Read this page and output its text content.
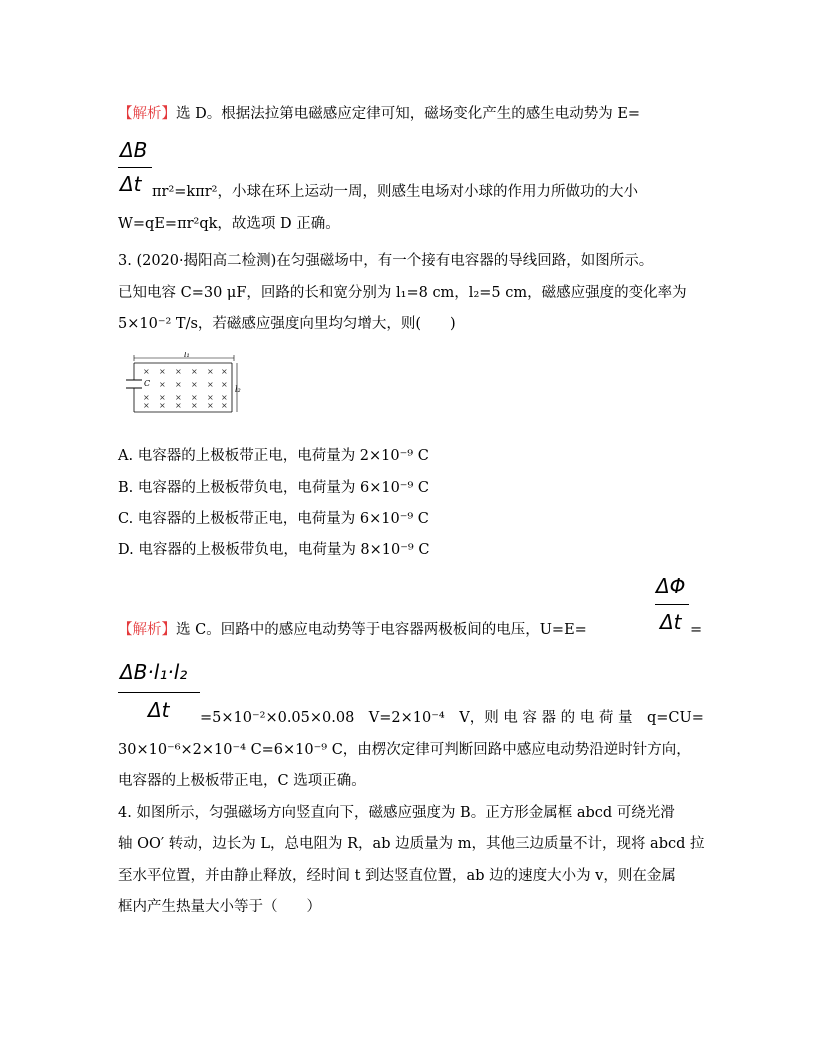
【解析】选 D。根据法拉第电磁感应定律可知，磁场变化产生的感生电动势为 E=
ΔB
Δt πr²=kπr²，小球在环上运动一周，则感生电场对小球的作用力所做功的大小
W=qE=πr²qk，故选项 D 正确。
3. (2020·揭阳高二检测)在匀强磁场中，有一个接有电容器的导线回路，如图所示。
已知电容 C=30 μF，回路的长和宽分别为 l₁=8 cm，l₂=5 cm，磁感应强度的变化率为
5×10⁻² T/s，若磁感应强度向里均匀增大，则(　　)
l₁
C
l₂
× × × × × ×
× × × × ×
× × × × × ×
× × × × × ×
A. 电容器的上极板带正电，电荷量为 2×10⁻⁹ C
B. 电容器的上极板带负电，电荷量为 6×10⁻⁹ C
C. 电容器的上极板带正电，电荷量为 6×10⁻⁹ C
D. 电容器的上极板带负电，电荷量为 8×10⁻⁹ C
ΔΦ
Δt
【解析】选 C。回路中的感应电动势等于电容器两极板间的电压，U=E=	=
ΔB·l₁·l₂
Δt =5×10⁻²×0.05×0.08　V=2×10⁻⁴　V，则 电 容 器 的 电 荷 量　q=CU=
30×10⁻⁶×2×10⁻⁴ C=6×10⁻⁹ C，由楞次定律可判断回路中感应电动势沿逆时针方向，
电容器的上极板带正电，C 选项正确。
4. 如图所示，匀强磁场方向竖直向下，磁感应强度为 B。正方形金属框 abcd 可绕光滑
轴 OO′ 转动，边长为 L，总电阻为 R，ab 边质量为 m，其他三边质量不计，现将 abcd 拉
至水平位置，并由静止释放，经时间 t 到达竖直位置，ab 边的速度大小为 v，则在金属
框内产生热量大小等于（　　）
